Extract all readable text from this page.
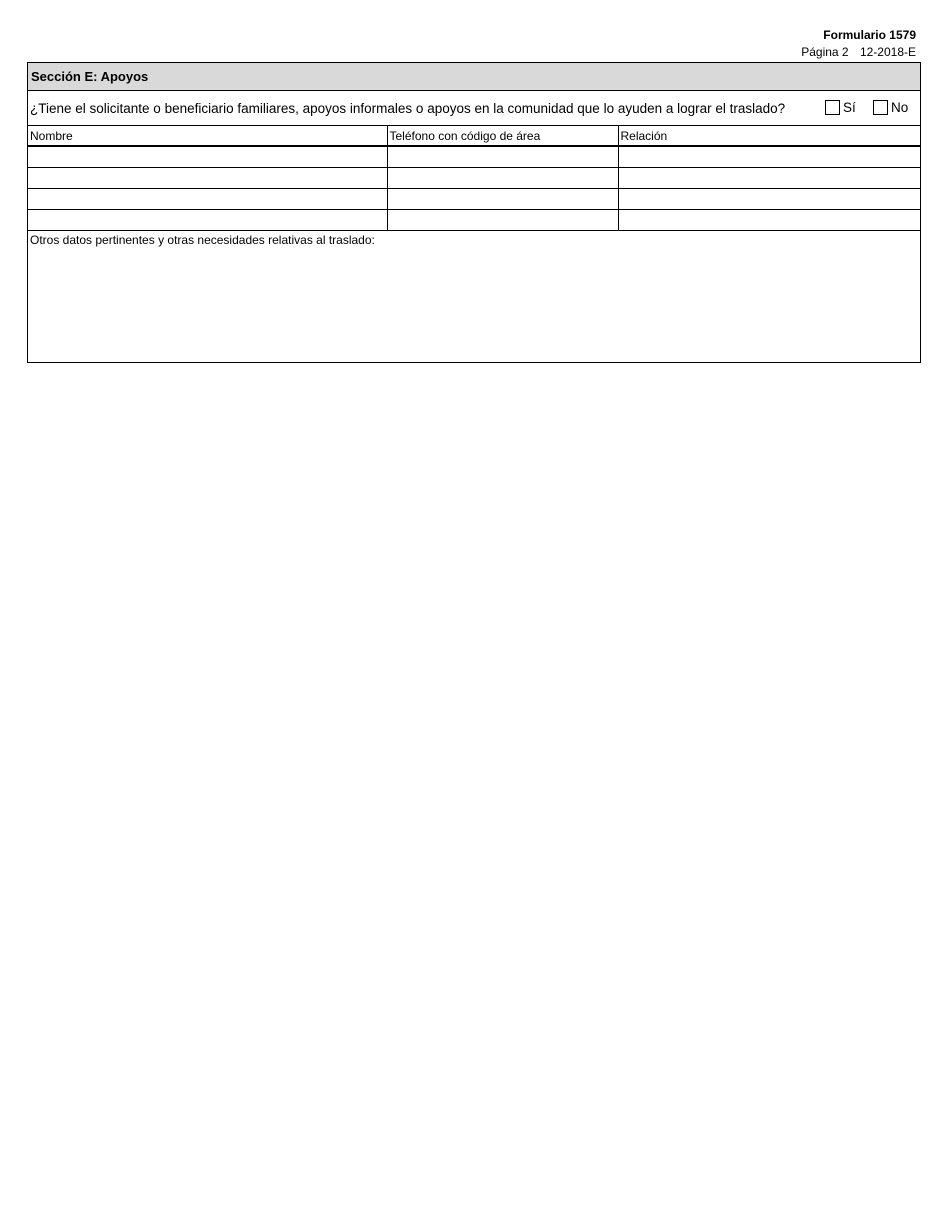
Formulario 1579
Página 2 12-2018-E
Sección E: Apoyos
¿Tiene el solicitante o beneficiario familiares, apoyos informales o apoyos en la comunidad que lo ayuden a lograr el traslado?	Sí	No
Nombre	Teléfono con código de área	Relación

Otros datos pertinentes y otras necesidades relativas al traslado:
